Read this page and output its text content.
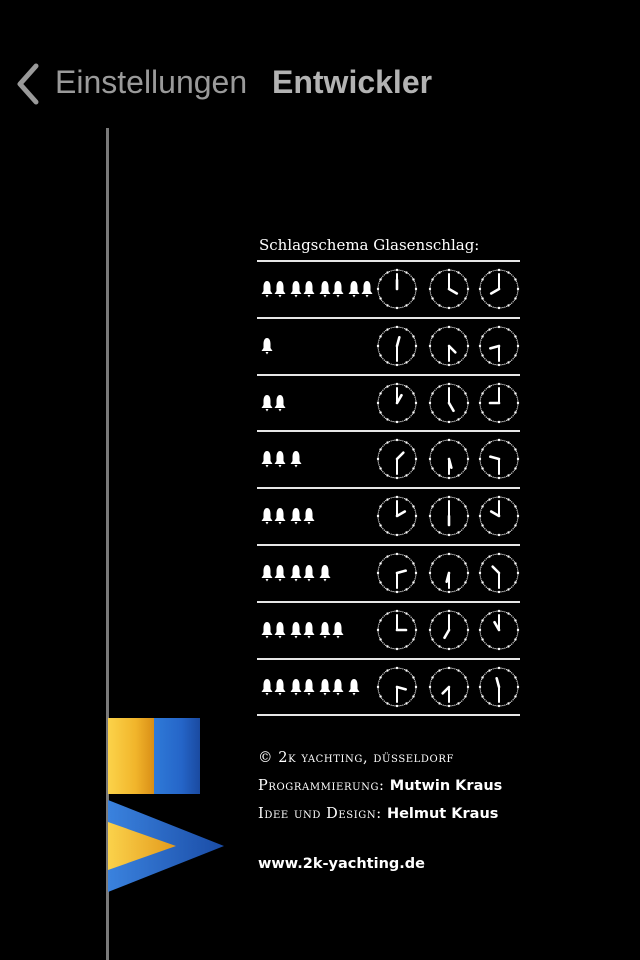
Einstellungen Entwickler
Schlagschema Glasenschlag:
© 2k yachting, düsseldorf
Programmierung: Mutwin Kraus
Idee und Design: Helmut Kraus
www.2k-yachting.de
